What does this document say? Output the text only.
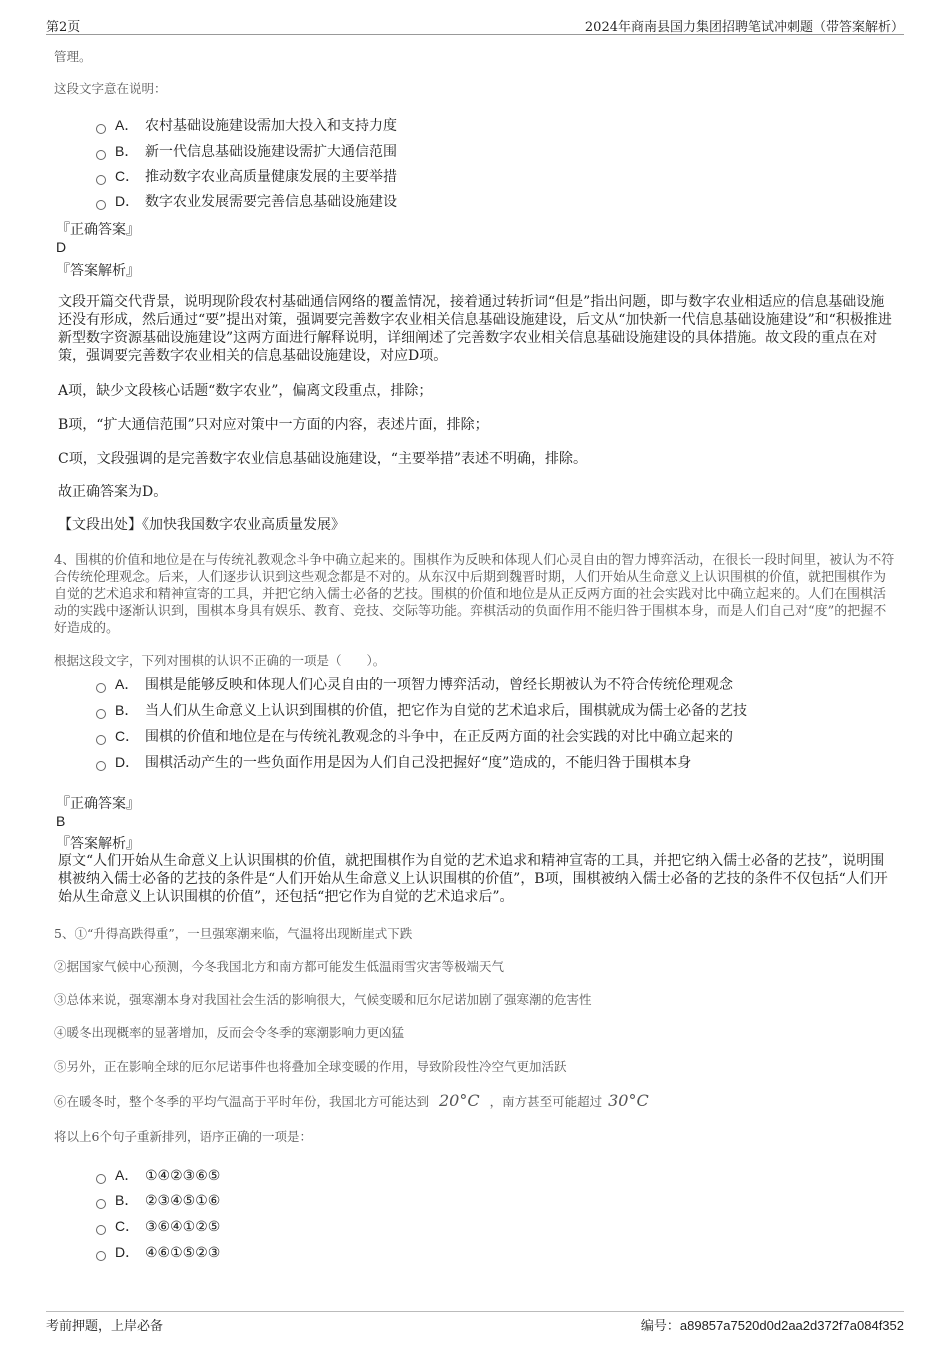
第2页	2024年商南县国力集团招聘笔试冲刺题（带答案解析）
管理。
这段文字意在说明：
A． 农村基础设施建设需加大投入和支持力度
B． 新一代信息基础设施建设需扩大通信范围
C． 推动数字农业高质量健康发展的主要举措
D． 数字农业发展需要完善信息基础设施建设
『正确答案』
D
『答案解析』
文段开篇交代背景，说明现阶段农村基础通信网络的覆盖情况，接着通过转折词“但是”指出问题，即与数字农业相适应的信息基础设施还没有形成，然后通过“要”提出对策，强调要完善数字农业相关信息基础设施建设，后文从“加快新一代信息基础设施建设”和“积极推进新型数字资源基础设施建设”这两方面进行解释说明，详细阐述了完善数字农业相关信息基础设施建设的具体措施。故文段的重点在对策，强调要完善数字农业相关的信息基础设施建设，对应D项。
A项，缺少文段核心话题“数字农业”，偏离文段重点，排除；
B项，“扩大通信范围”只对应对策中一方面的内容，表述片面，排除；
C项，文段强调的是完善数字农业信息基础设施建设，“主要举措”表述不明确，排除。
故正确答案为D。
【文段出处】《加快我国数字农业高质量发展》
4、围棋的价值和地位是在与传统礼教观念斗争中确立起来的。围棋作为反映和体现人们心灵自由的智力博弈活动，在很长一段时间里，被认为不符合传统伦理观念。后来，人们逐步认识到这些观念都是不对的。从东汉中后期到魏晋时期，人们开始从生命意义上认识围棋的价值，就把围棋作为自觉的艺术追求和精神宣寄的工具，并把它纳入儒士必备的艺技。围棋的价值和地位是从正反两方面的社会实践对比中确立起来的。人们在围棋活动的实践中逐渐认识到，围棋本身具有娱乐、教育、竞技、交际等功能。弈棋活动的负面作用不能归咎于围棋本身，而是人们自己对“度”的把握不好造成的。
根据这段文字，下列对围棋的认识不正确的一项是（　　）。
A． 围棋是能够反映和体现人们心灵自由的一项智力博弈活动，曾经长期被认为不符合传统伦理观念
B． 当人们从生命意义上认识到围棋的价值，把它作为自觉的艺术追求后，围棋就成为儒士必备的艺技
C． 围棋的价值和地位是在与传统礼教观念的斗争中，在正反两方面的社会实践的对比中确立起来的
D． 围棋活动产生的一些负面作用是因为人们自己没把握好“度”造成的，不能归咎于围棋本身
『正确答案』
B
『答案解析』
原文“人们开始从生命意义上认识围棋的价值，就把围棋作为自觉的艺术追求和精神宣寄的工具，并把它纳入儒士必备的艺技”，说明围棋被纳入儒士必备的艺技的条件是“人们开始从生命意义上认识围棋的价值”，B项，围棋被纳入儒士必备的艺技的条件不仅包括“人们开始从生命意义上认识围棋的价值”，还包括“把它作为自觉的艺术追求后”。
5、①“升得高跌得重”，一旦强寒潮来临，气温将出现断崖式下跌
②据国家气候中心预测，今冬我国北方和南方都可能发生低温雨雪灾害等极端天气
③总体来说，强寒潮本身对我国社会生活的影响很大，气候变暖和厄尔尼诺加剧了强寒潮的危害性
④暖冬出现概率的显著增加，反而会令冬季的寒潮影响力更凶猛
⑤另外，正在影响全球的厄尔尼诺事件也将叠加全球变暖的作用，导致阶段性冷空气更加活跃
⑥在暖冬时，整个冬季的平均气温高于平时年份，我国北方可能达到 20°C ，南方甚至可能超过 30°C
将以上6个句子重新排列，语序正确的一项是：
A． ①④②③⑥⑤
B． ②③④⑤①⑥
C． ③⑥④①②⑤
D． ④⑥①⑤②③
考前押题，上岸必备	编号：a89857a7520d0d2aa2d372f7a084f352
